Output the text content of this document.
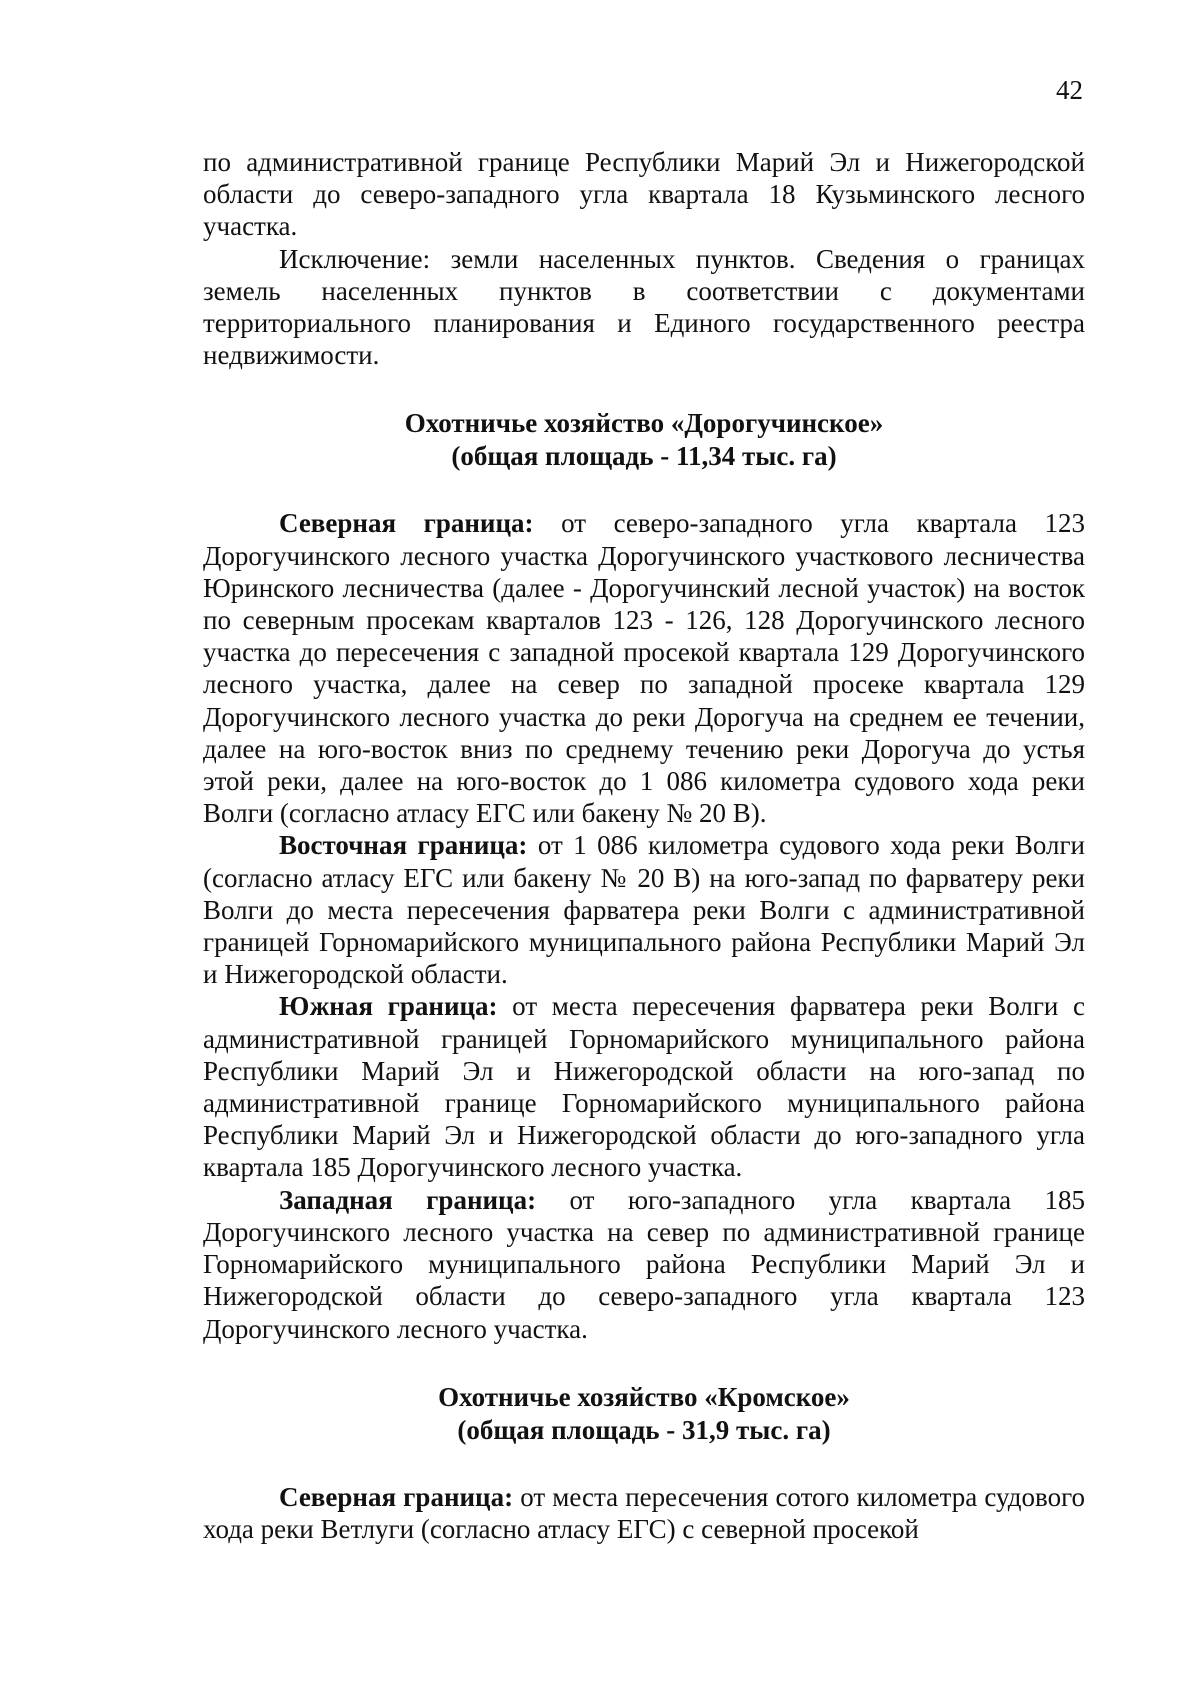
42

по административной границе Республики Марий Эл и Нижегородской области до северо-западного угла квартала 18 Кузьминского лесного участка.

Исключение: земли населенных пунктов. Сведения о границах земель населенных пунктов в соответствии с документами территориального планирования и Единого государственного реестра недвижимости.

Охотничье хозяйство «Дорогучинское»

(общая площадь - 11,34 тыс. га)

Северная граница: от северо-западного угла квартала 123 Дорогучинского лесного участка Дорогучинского участкового лесничества Юринского лесничества (далее - Дорогучинский лесной участок) на восток по северным просекам кварталов 123 - 126, 128 Дорогучинского лесного участка до пересечения с западной просекой квартала 129 Дорогучинского лесного участка, далее на север по западной просеке квартала 129 Дорогучинского лесного участка до реки Дорогуча на среднем ее течении, далее на юго-восток вниз по среднему течению реки Дорогуча до устья этой реки, далее на юго-восток до 1 086 километра судового хода реки Волги (согласно атласу ЕГС или бакену № 20 В).

Восточная граница: от 1 086 километра судового хода реки Волги (согласно атласу ЕГС или бакену № 20 В) на юго-запад по фарватеру реки Волги до места пересечения фарватера реки Волги с административной границей Горномарийского муниципального района Республики Марий Эл и Нижегородской области.

Южная граница: от места пересечения фарватера реки Волги с административной границей Горномарийского муниципального района Республики Марий Эл и Нижегородской области на юго-запад по административной границе Горномарийского муниципального района Республики Марий Эл и Нижегородской области до юго-западного угла квартала 185 Дорогучинского лесного участка.

Западная граница: от юго-западного угла квартала 185 Дорогучинского лесного участка на север по административной границе Горномарийского муниципального района Республики Марий Эл и Нижегородской области до северо-западного угла квартала 123 Дорогучинского лесного участка.

Охотничье хозяйство «Кромское»

(общая площадь - 31,9 тыс. га)

Северная граница: от места пересечения сотого километра судового хода реки Ветлуги (согласно атласу ЕГС) с северной просекой
